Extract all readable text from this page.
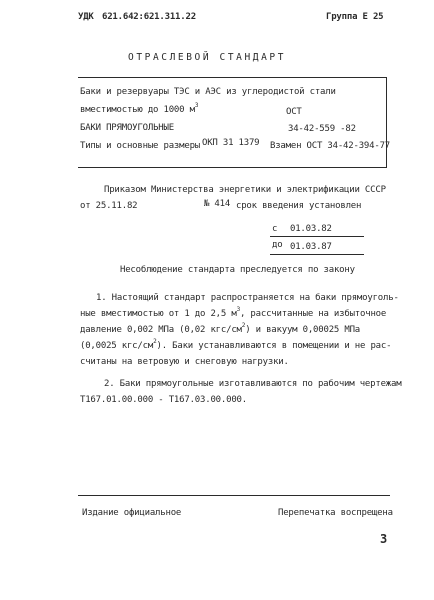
УДК 621.642:621.311.22	Группа Е 25
ОТРАСЛЕВОЙ СТАНДАРТ
Баки и резервуары ТЭС и АЭС из углеродистой стали
вместимостью до 1000 $м^3$
БАКИ ПРЯМОУГОЛЬНЫЕ
Типы и основные размеры ОКП 31 1379
ОСТ
34-42-559 -82
Взамен ОСТ 34-42-394-77
Приказом Министерства энергетики и электрификации СССР
от 25.11.82	№ 414 срок введения установлен
с 01.03.82
до 01.03.87
Несоблюдение стандарта преследуется по закону
1. Настоящий стандарт распространяется на баки прямоуголь-
ные вместимостью от 1 до 2,5 $м^3$, рассчитанные на избыточное
давление 0,002 МПа (0,02 кгс/$см^2$) и вакуум 0,00025 МПа
(0,0025 кгс/$см^2$). Баки устанавливаются в помещении и не рас-
считаны на ветровую и снеговую нагрузки.
2. Баки прямоугольные изготавливаются по рабочим чертежам
Т167.01.00.000 - Т167.03.00.000.
Издание официальное	Перепечатка воспрещена
3
